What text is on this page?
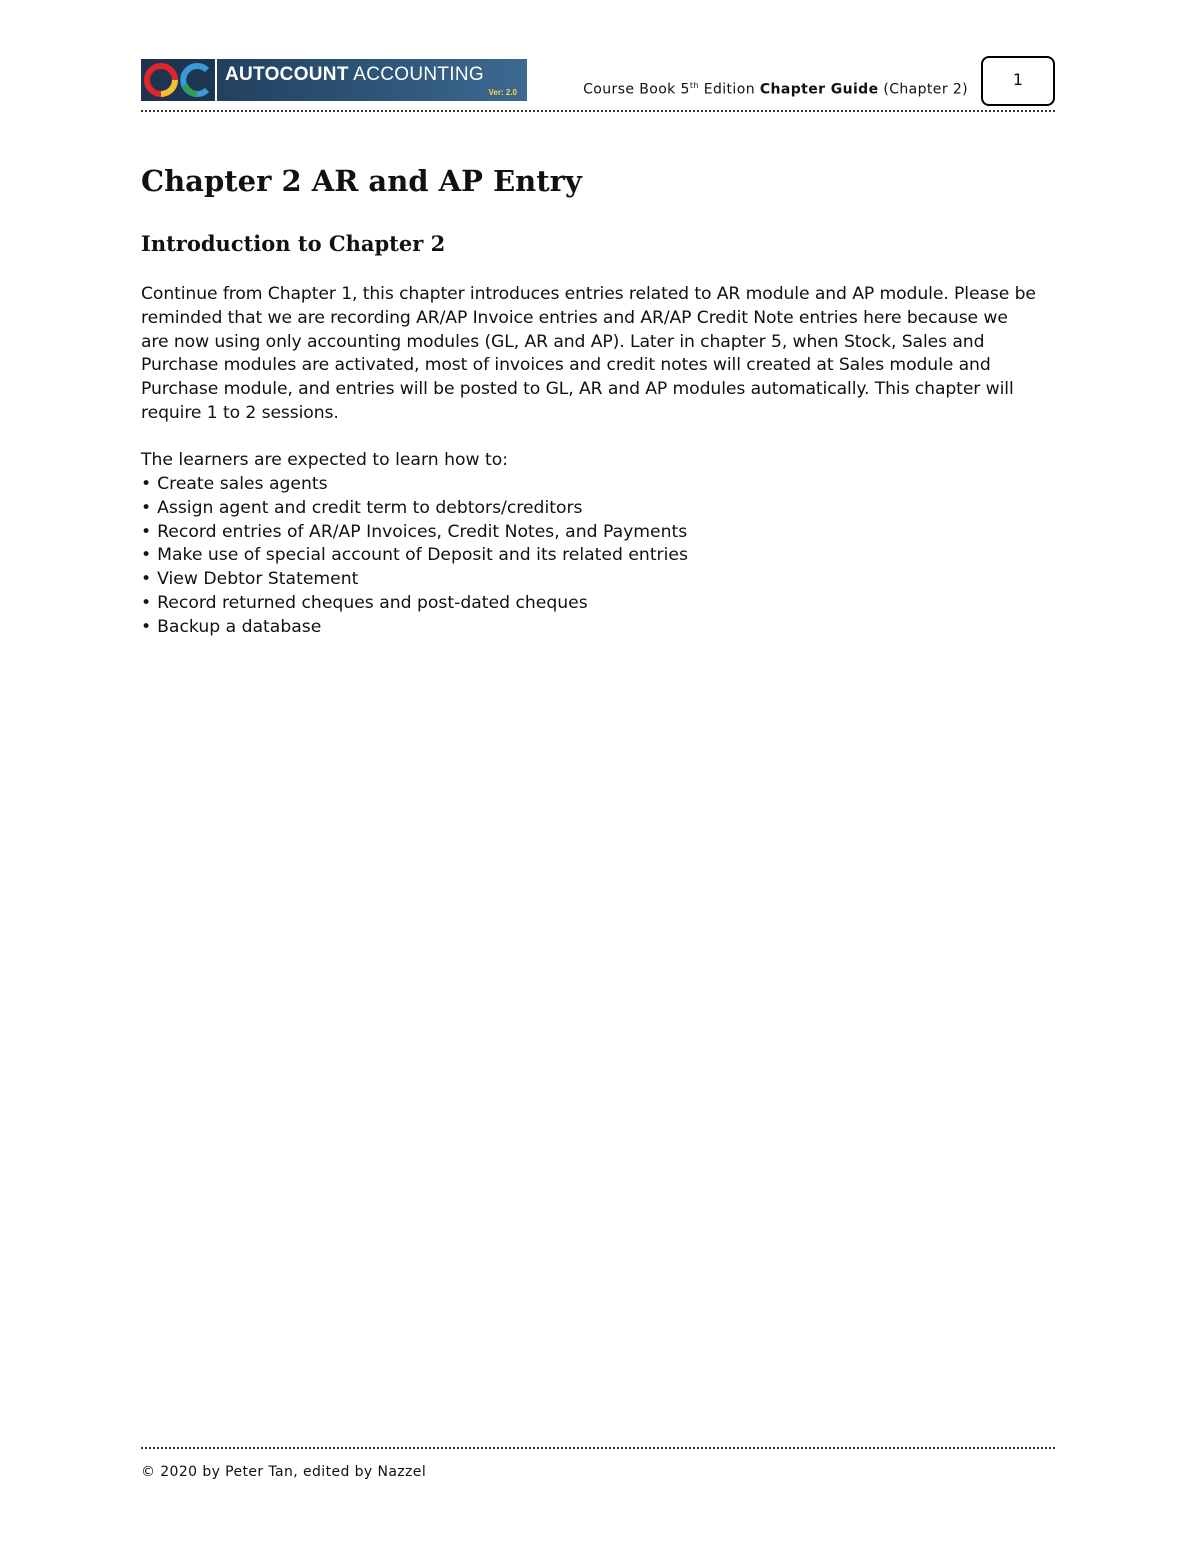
AUTOCOUNT ACCOUNTING
Ver: 2.0	Course Book 5th Edition Chapter Guide (Chapter 2)
1
Chapter 2 AR and AP Entry
Introduction to Chapter 2

Continue from Chapter 1, this chapter introduces entries related to AR module and AP module. Please be
reminded that we are recording AR/AP Invoice entries and AR/AP Credit Note entries here because we
are now using only accounting modules (GL, AR and AP). Later in chapter 5, when Stock, Sales and
Purchase modules are activated, most of invoices and credit notes will created at Sales module and
Purchase module, and entries will be posted to GL, AR and AP modules automatically. This chapter will
require 1 to 2 sessions.

The learners are expected to learn how to:

• Create sales agents
• Assign agent and credit term to debtors/creditors
• Record entries of AR/AP Invoices, Credit Notes, and Payments
• Make use of special account of Deposit and its related entries
• View Debtor Statement
• Record returned cheques and post-dated cheques
• Backup a database
© 2020 by Peter Tan, edited by Nazzel
